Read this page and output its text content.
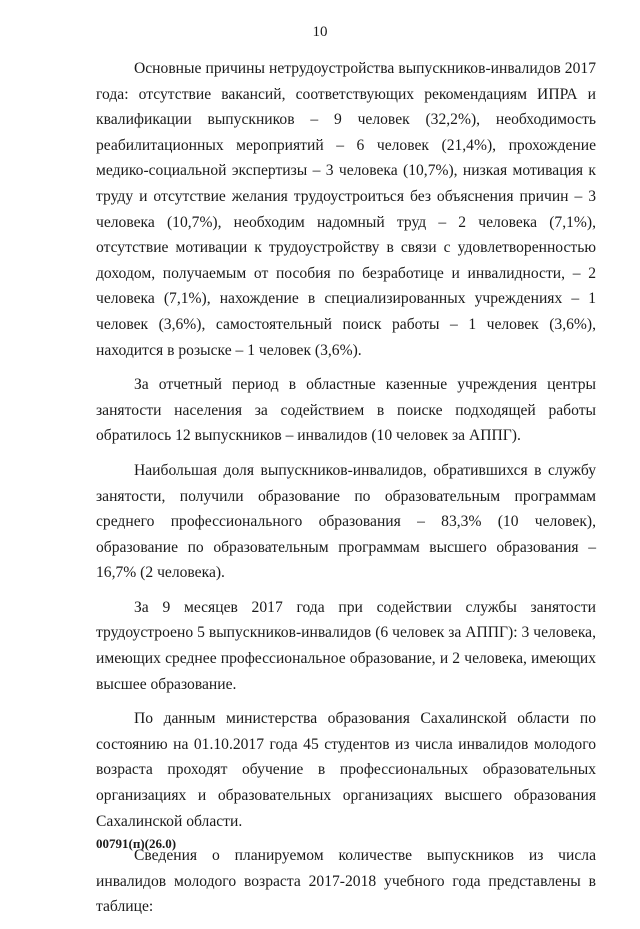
10

Основные причины нетрудоустройства выпускников-инвалидов 2017 года: отсутствие вакансий, соответствующих рекомендациям ИПРА и квалификации выпускников – 9 человек (32,2%), необходимость реабилитационных мероприятий – 6 человек (21,4%), прохождение медико-социальной экспертизы – 3 человека (10,7%), низкая мотивация к труду и отсутствие желания трудоустроиться без объяснения причин – 3 человека (10,7%), необходим надомный труд – 2 человека (7,1%), отсутствие мотивации к трудоустройству в связи с удовлетворенностью доходом, получаемым от пособия по безработице и инвалидности, – 2 человека (7,1%), нахождение в специализированных учреждениях – 1 человек (3,6%), самостоятельный поиск работы – 1 человек (3,6%), находится в розыске – 1 человек (3,6%).

За отчетный период в областные казенные учреждения центры занятости населения за содействием в поиске подходящей работы обратилось 12 выпускников – инвалидов (10 человек за АППГ).

Наибольшая доля выпускников-инвалидов, обратившихся в службу занятости, получили образование по образовательным программам среднего профессионального образования – 83,3% (10 человек), образование по образовательным программам высшего образования – 16,7% (2 человека).

За 9 месяцев 2017 года при содействии службы занятости трудоустроено 5 выпускников-инвалидов (6 человек за АППГ): 3 человека, имеющих среднее профессиональное образование, и 2 человека, имеющих высшее образование.

По данным министерства образования Сахалинской области по состоянию на 01.10.2017 года 45 студентов из числа инвалидов молодого возраста проходят обучение в профессиональных образовательных организациях и образовательных организациях высшего образования Сахалинской области.

Сведения о планируемом количестве выпускников из числа инвалидов молодого возраста 2017-2018 учебного года представлены в таблице:

00791(п)(26.0)
